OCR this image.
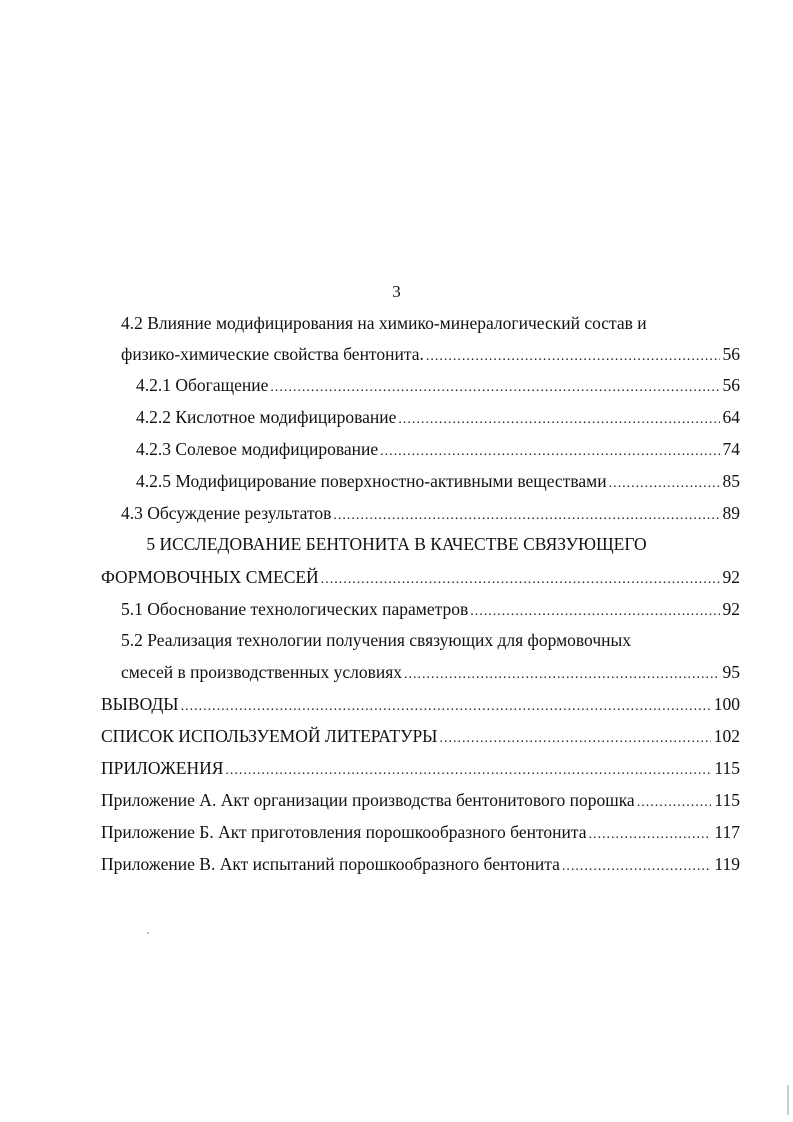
3
4.2 Влияние модифицирования на химико-минералогический состав и
физико-химические свойства бентонита. .....	56
4.2.1 Обогащение .....	56
4.2.2 Кислотное модифицирование .....	64
4.2.3 Солевое модифицирование .....	74
4.2.5 Модифицирование поверхностно-активными веществами .....	85
4.3 Обсуждение результатов .....	89
5 ИССЛЕДОВАНИЕ БЕНТОНИТА В КАЧЕСТВЕ СВЯЗУЮЩЕГО
ФОРМОВОЧНЫХ СМЕСЕЙ .....	92
5.1 Обоснование технологических параметров .....	92
5.2 Реализация технологии получения связующих для формовочных
смесей в производственных условиях .....	95
ВЫВОДЫ .....	100
СПИСОК ИСПОЛЬЗУЕМОЙ ЛИТЕРАТУРЫ .....	102
ПРИЛОЖЕНИЯ .....	115
Приложение А. Акт организации производства бентонитового порошка .....	115
Приложение Б. Акт приготовления порошкообразного бентонита .....	117
Приложение В. Акт испытаний порошкообразного бентонита .....	119
